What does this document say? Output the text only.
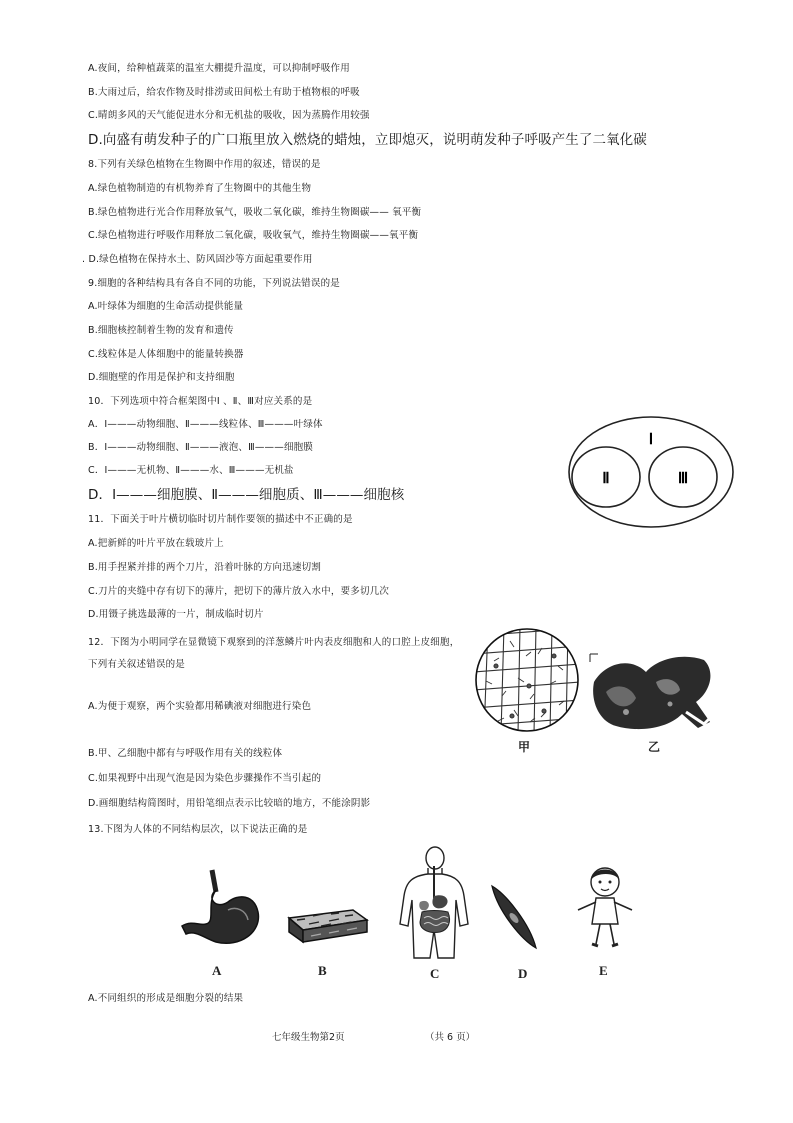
A.夜间，给种植蔬菜的温室大棚提升温度，可以抑制呼吸作用
B.大雨过后，给农作物及时排涝或田间松土有助于植物根的呼吸
C.晴朗多风的天气能促进水分和无机盐的吸收，因为蒸腾作用较强
D.向盛有萌发种子的广口瓶里放入燃烧的蜡烛，立即熄灭，说明萌发种子呼吸产生了二氧化碳
8.下列有关绿色植物在生物圈中作用的叙述，错误的是
A.绿色植物制造的有机物养育了生物圈中的其他生物
B.绿色植物进行光合作用释放氧气，吸收二氧化碳，维持生物圈碳—— 氧平衡
C.绿色植物进行呼吸作用释放二氧化碳，吸收氧气，维持生物圈碳——氧平衡
. D.绿色植物在保持水土、防风固沙等方面起重要作用
9.细胞的各种结构具有各自不同的功能，下列说法错误的是
A.叶绿体为细胞的生命活动提供能量
B.细胞核控制着生物的发育和遗传
C.线粒体是人体细胞中的能量转换器
D.细胞壁的作用是保护和支持细胞
10．下列选项中符合框架图中Ⅰ 、Ⅱ、Ⅲ对应关系的是
A．Ⅰ———动物细胞、Ⅱ———线粒体、Ⅲ———叶绿体
B．Ⅰ———动物细胞、Ⅱ———液泡、Ⅲ———细胞膜
C．Ⅰ———无机物、Ⅱ———水、Ⅲ———无机盐
D．Ⅰ———细胞膜、Ⅱ———细胞质、Ⅲ———细胞核
11．下面关于叶片横切临时切片制作要领的描述中不正确的是
A.把新鲜的叶片平放在载玻片上
B.用手捏紧并排的两个刀片，沿着叶脉的方向迅速切割
C.刀片的夹缝中存有切下的薄片，把切下的薄片放入水中，要多切几次
D.用镊子挑选最薄的一片，制成临时切片
12．下图为小明同学在显微镜下观察到的洋葱鳞片叶内表皮细胞和人的口腔上皮细胞，
下列有关叙述错误的是
A.为便于观察，两个实验都用稀碘液对细胞进行染色
B.甲、乙细胞中都有与呼吸作用有关的线粒体
C.如果视野中出现气泡是因为染色步骤操作不当引起的
D.画细胞结构简图时，用铅笔细点表示比较暗的地方，不能涂阴影
13.下图为人体的不同结构层次，以下说法正确的是
A.不同组织的形成是细胞分裂的结果
Ⅰ
Ⅱ	Ⅲ
甲	乙
A	B	C	D	E
七年级生物第2页	（共 6 页）
